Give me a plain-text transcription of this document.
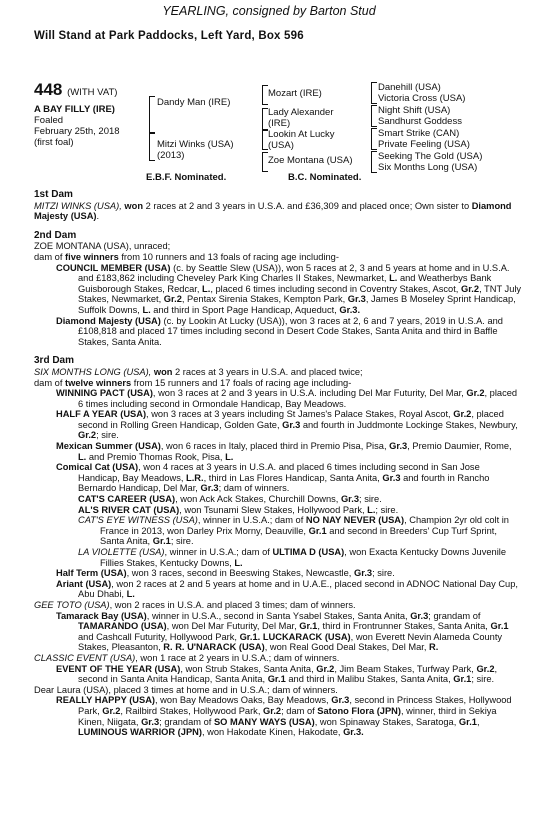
YEARLING, consigned by Barton Stud
Will Stand at Park Paddocks, Left Yard, Box 596
448 (WITH VAT)
A BAY FILLY (IRE)
Foaled
February 25th, 2018
(first foal)
Dandy Man (IRE)
Mitzi Winks (USA)
(2013)
Mozart (IRE)
Lady Alexander
(IRE)
Lookin At Lucky
(USA)
Zoe Montana (USA)
Danehill (USA)
Victoria Cross (USA)
Night Shift (USA)
Sandhurst Goddess
Smart Strike (CAN)
Private Feeling (USA)
Seeking The Gold (USA)
Six Months Long (USA)
E.B.F. Nominated.	B.C. Nominated.

1st Dam

MITZI WINKS (USA), won 2 races at 2 and 3 years in U.S.A. and £36,309 and placed once; Own sister to Diamond Majesty (USA).

2nd Dam

ZOE MONTANA (USA), unraced;

dam of five winners from 10 runners and 13 foals of racing age including-

COUNCIL MEMBER (USA) (c. by Seattle Slew (USA)), won 5 races at 2, 3 and 5 years at home and in U.S.A. and £183,862 including Cheveley Park King Charles II Stakes, Newmarket, L. and Weatherbys Bank Guisborough Stakes, Redcar, L., placed 6 times including second in Coventry Stakes, Ascot, Gr.2, TNT July Stakes, Newmarket, Gr.2, Pentax Sirenia Stakes, Kempton Park, Gr.3, James B Moseley Sprint Handicap, Suffolk Downs, L. and third in Sport Page Handicap, Aqueduct, Gr.3.

Diamond Majesty (USA) (c. by Lookin At Lucky (USA)), won 3 races at 2, 6 and 7 years, 2019 in U.S.A. and £108,818 and placed 17 times including second in Desert Code Stakes, Santa Anita and third in Baffle Stakes, Santa Anita.

3rd Dam

SIX MONTHS LONG (USA), won 2 races at 3 years in U.S.A. and placed twice;

dam of twelve winners from 15 runners and 17 foals of racing age including-

WINNING PACT (USA), won 3 races at 2 and 3 years in U.S.A. including Del Mar Futurity, Del Mar, Gr.2, placed 6 times including second in Ormondale Handicap, Bay Meadows.

HALF A YEAR (USA), won 3 races at 3 years including St James's Palace Stakes, Royal Ascot, Gr.2, placed second in Rolling Green Handicap, Golden Gate, Gr.3 and fourth in Juddmonte Lockinge Stakes, Newbury, Gr.2; sire.

Mexican Summer (USA), won 6 races in Italy, placed third in Premio Pisa, Pisa, Gr.3, Premio Daumier, Rome, L. and Premio Thomas Rook, Pisa, L.

Comical Cat (USA), won 4 races at 3 years in U.S.A. and placed 6 times including second in San Jose Handicap, Bay Meadows, L.R., third in Las Flores Handicap, Santa Anita, Gr.3 and fourth in Rancho Bernardo Handicap, Del Mar, Gr.3; dam of winners.

CAT'S CAREER (USA), won Ack Ack Stakes, Churchill Downs, Gr.3; sire.

AL'S RIVER CAT (USA), won Tsunami Slew Stakes, Hollywood Park, L.; sire.

CAT'S EYE WITNESS (USA), winner in U.S.A.; dam of NO NAY NEVER (USA), Champion 2yr old colt in France in 2013, won Darley Prix Morny, Deauville, Gr.1 and second in Breeders' Cup Turf Sprint, Santa Anita, Gr.1; sire.

LA VIOLETTE (USA), winner in U.S.A.; dam of ULTIMA D (USA), won Exacta Kentucky Downs Juvenile Fillies Stakes, Kentucky Downs, L.

Half Term (USA), won 3 races, second in Beeswing Stakes, Newcastle, Gr.3; sire.

Ariant (USA), won 2 races at 2 and 5 years at home and in U.A.E., placed second in ADNOC National Day Cup, Abu Dhabi, L.

GEE TOTO (USA), won 2 races in U.S.A. and placed 3 times; dam of winners.

Tamarack Bay (USA), winner in U.S.A., second in Santa Ysabel Stakes, Santa Anita, Gr.3; grandam of TAMARANDO (USA), won Del Mar Futurity, Del Mar, Gr.1, third in Frontrunner Stakes, Santa Anita, Gr.1 and Cashcall Futurity, Hollywood Park, Gr.1. LUCKARACK (USA), won Everett Nevin Alameda County Stakes, Pleasanton, R. R. U'NARACK (USA), won Real Good Deal Stakes, Del Mar, R.

CLASSIC EVENT (USA), won 1 race at 2 years in U.S.A.; dam of winners.

EVENT OF THE YEAR (USA), won Strub Stakes, Santa Anita, Gr.2, Jim Beam Stakes, Turfway Park, Gr.2, second in Santa Anita Handicap, Santa Anita, Gr.1 and third in Malibu Stakes, Santa Anita, Gr.1; sire.

Dear Laura (USA), placed 3 times at home and in U.S.A.; dam of winners.

REALLY HAPPY (USA), won Bay Meadows Oaks, Bay Meadows, Gr.3, second in Princess Stakes, Hollywood Park, Gr.2, Railbird Stakes, Hollywood Park, Gr.2; dam of Satono Flora (JPN), winner, third in Sekiya Kinen, Niigata, Gr.3; grandam of SO MANY WAYS (USA), won Spinaway Stakes, Saratoga, Gr.1, LUMINOUS WARRIOR (JPN), won Hakodate Kinen, Hakodate, Gr.3.
